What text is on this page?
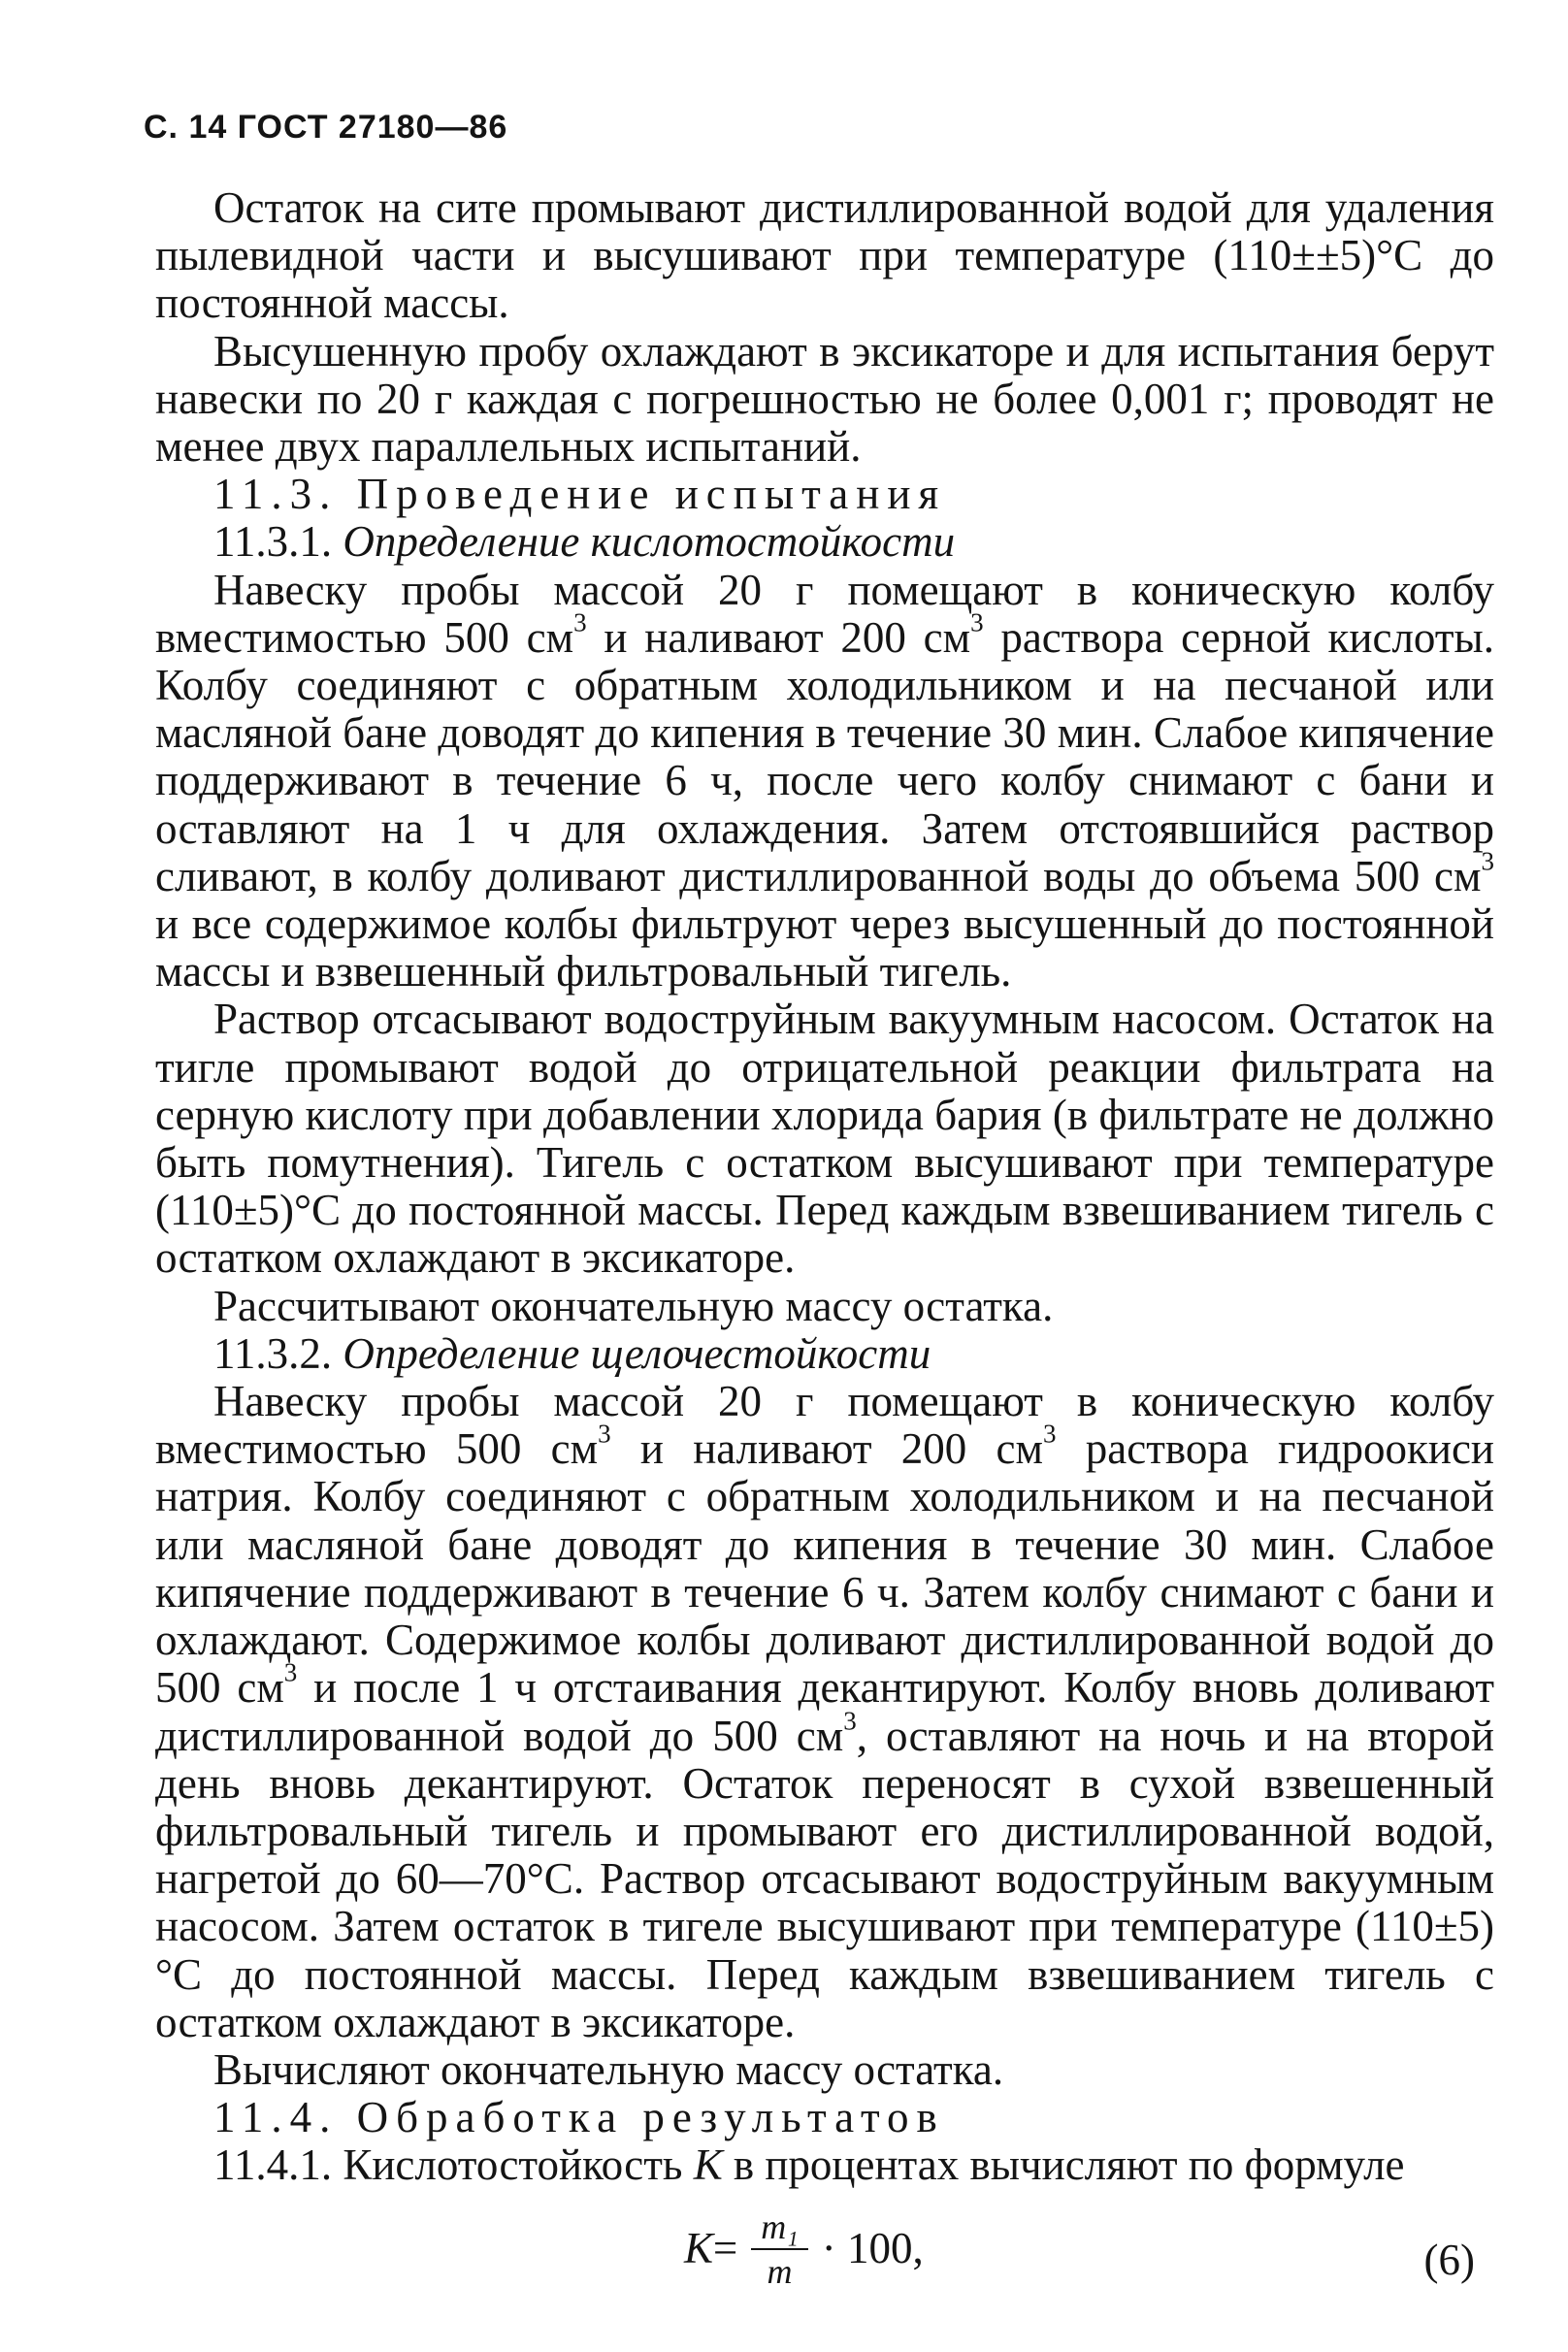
С. 14 ГОСТ 27180—86

Остаток на сите промывают дистиллированной водой для удаления пылевидной части и высушивают при температуре (110±±5)°С до постоянной массы.

Высушенную пробу охлаждают в эксикаторе и для испытания берут навески по 20 г каждая с погрешностью не более 0,001 г; проводят не менее двух параллельных испытаний.

11.3. Проведение испытания

11.3.1. Определение кислотостойкости

Навеску пробы массой 20 г помещают в коническую колбу вместимостью 500 $см^3$ и наливают 200 $см^3$ раствора серной кислоты. Колбу соединяют с обратным холодильником и на песчаной или масляной бане доводят до кипения в течение 30 мин. Слабое кипячение поддерживают в течение 6 ч, после чего колбу снимают с бани и оставляют на 1 ч для охлаждения. Затем отстоявшийся раствор сливают, в колбу доливают дистиллированной воды до объема 500 $см^3$ и все содержимое колбы фильтруют через высушенный до постоянной массы и взвешенный фильтровальный тигель.

Раствор отсасывают водоструйным вакуумным насосом. Остаток на тигле промывают водой до отрицательной реакции фильтрата на серную кислоту при добавлении хлорида бария (в фильтрате не должно быть помутнения). Тигель с остатком высушивают при температуре (110±5)°С до постоянной массы. Перед каждым взвешиванием тигель с остатком охлаждают в эксикаторе.

Рассчитывают окончательную массу остатка.

11.3.2. Определение щелочестойкости

Навеску пробы массой 20 г помещают в коническую колбу вместимостью 500 $см^3$ и наливают 200 $см^3$ раствора гидроокиси натрия. Колбу соединяют с обратным холодильником и на песчаной или масляной бане доводят до кипения в течение 30 мин. Слабое кипячение поддерживают в течение 6 ч. Затем колбу снимают с бани и охлаждают. Содержимое колбы доливают дистиллированной водой до 500 $см^3$ и после 1 ч отстаивания декантируют. Колбу вновь доливают дистиллированной водой до 500 $см^3$, оставляют на ночь и на второй день вновь декантируют. Остаток переносят в сухой взвешенный фильтровальный тигель и промывают его дистиллированной водой, нагретой до 60—70°С. Раствор отсасывают водоструйным вакуумным насосом. Затем остаток в тигеле высушивают при температуре (110±5)°С до постоянной массы. Перед каждым взвешиванием тигель с остатком охлаждают в эксикаторе.

Вычисляют окончательную массу остатка.

11.4. Обработка результатов

11.4.1. Кислотостойкость К в процентах вычисляют по формуле

$К = \frac{\text{m₁}}{m} \cdot 100$,	(6)
